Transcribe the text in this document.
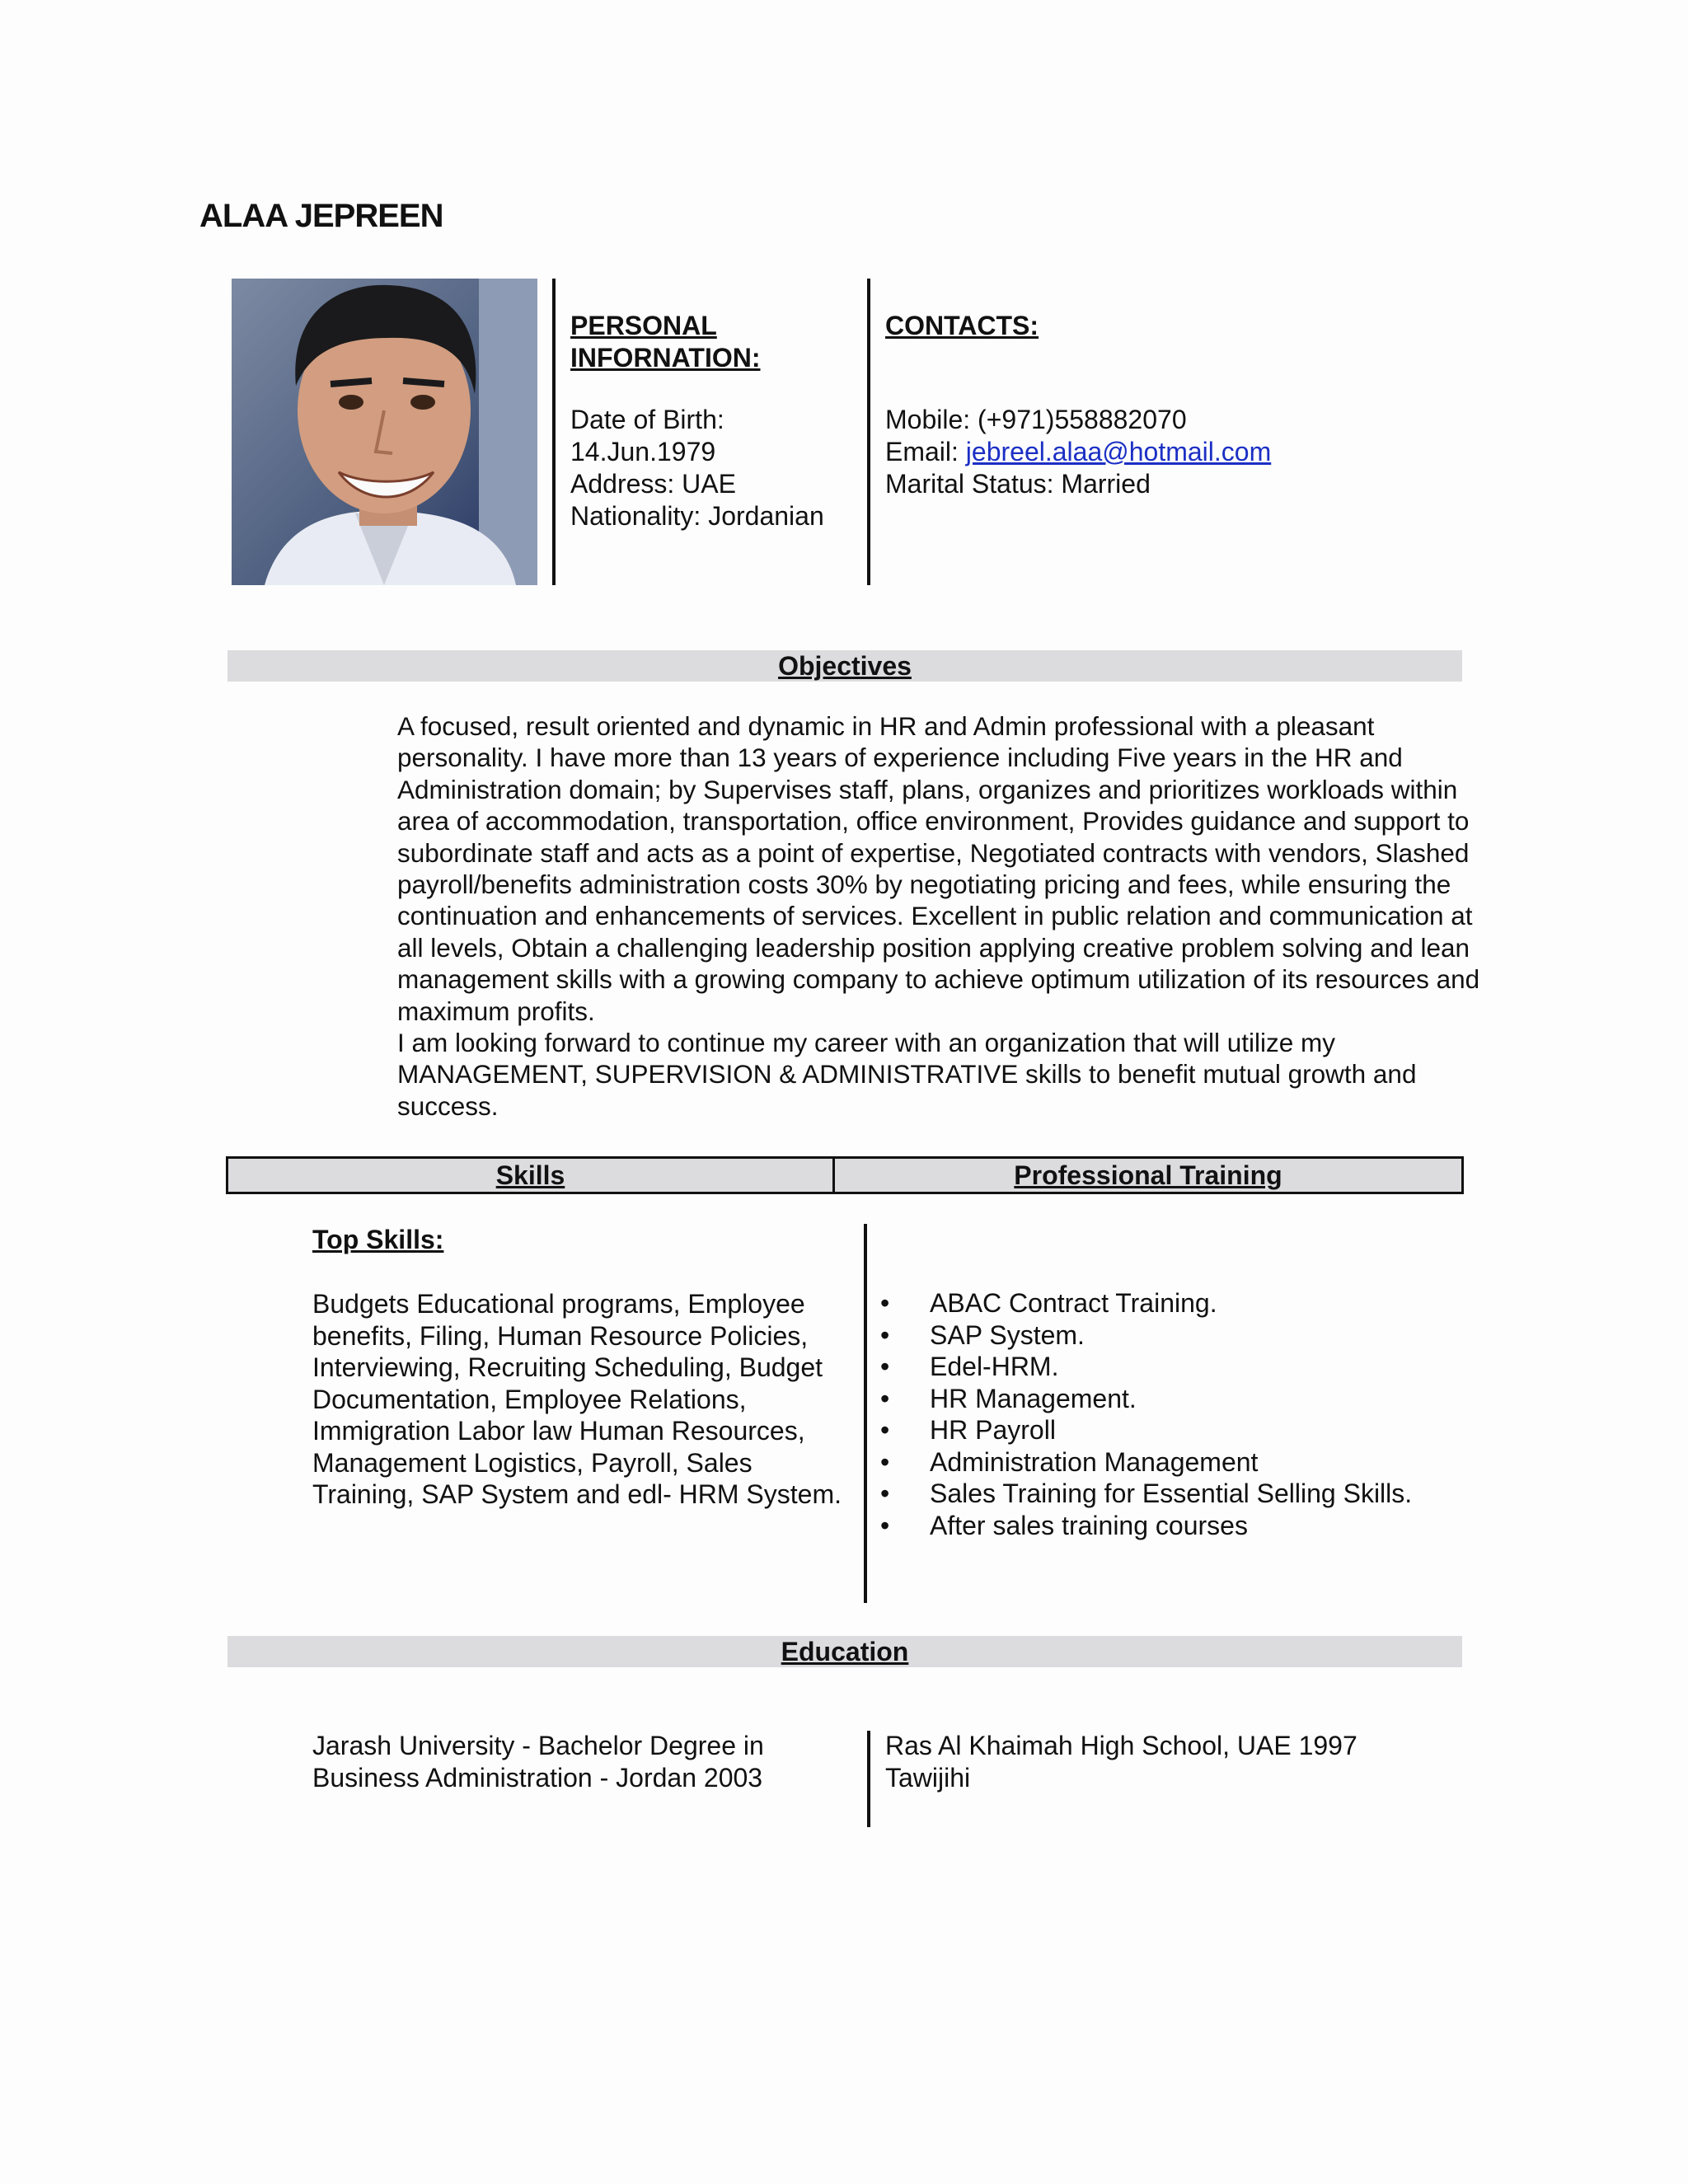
ALAA JEPREEN
PERSONAL
INFORNATION:
Date of Birth:
14.Jun.1979
Address: UAE
Nationality: Jordanian
CONTACTS:
Mobile: (+971)558882070
Email: jebreel.alaa@hotmail.com
Marital Status: Married
Objectives

A focused, result oriented and dynamic in HR and Admin professional with a pleasant personality. I have more than 13 years of experience including Five years in the HR and Administration domain; by Supervises staff, plans, organizes and prioritizes workloads within area of accommodation, transportation, office environment, Provides guidance and support to subordinate staff and acts as a point of expertise, Negotiated contracts with vendors, Slashed payroll/benefits administration costs 30% by negotiating pricing and fees, while ensuring the continuation and enhancements of services. Excellent in public relation and communication at all levels, Obtain a challenging leadership position applying creative problem solving and lean management skills with a growing company to achieve optimum utilization of its resources and maximum profits.

I am looking forward to continue my career with an organization that will utilize my MANAGEMENT, SUPERVISION & ADMINISTRATIVE skills to benefit mutual growth and success.

Skills	Professional Training
Top Skills:
Budgets Educational programs, Employee benefits, Filing, Human Resource Policies, Interviewing, Recruiting Scheduling, Budget Documentation, Employee Relations, Immigration Labor law Human Resources, Management Logistics, Payroll, Sales Training, SAP System and edl- HRM System.
• ABAC Contract Training.
• SAP System.
• Edel-HRM.
• HR Management.
• HR Payroll
• Administration Management
• Sales Training for Essential Selling Skills.
• After sales training courses
Education
Jarash University - Bachelor Degree in
Business Administration - Jordan 2003
Ras Al Khaimah High School, UAE 1997
Tawijihi
